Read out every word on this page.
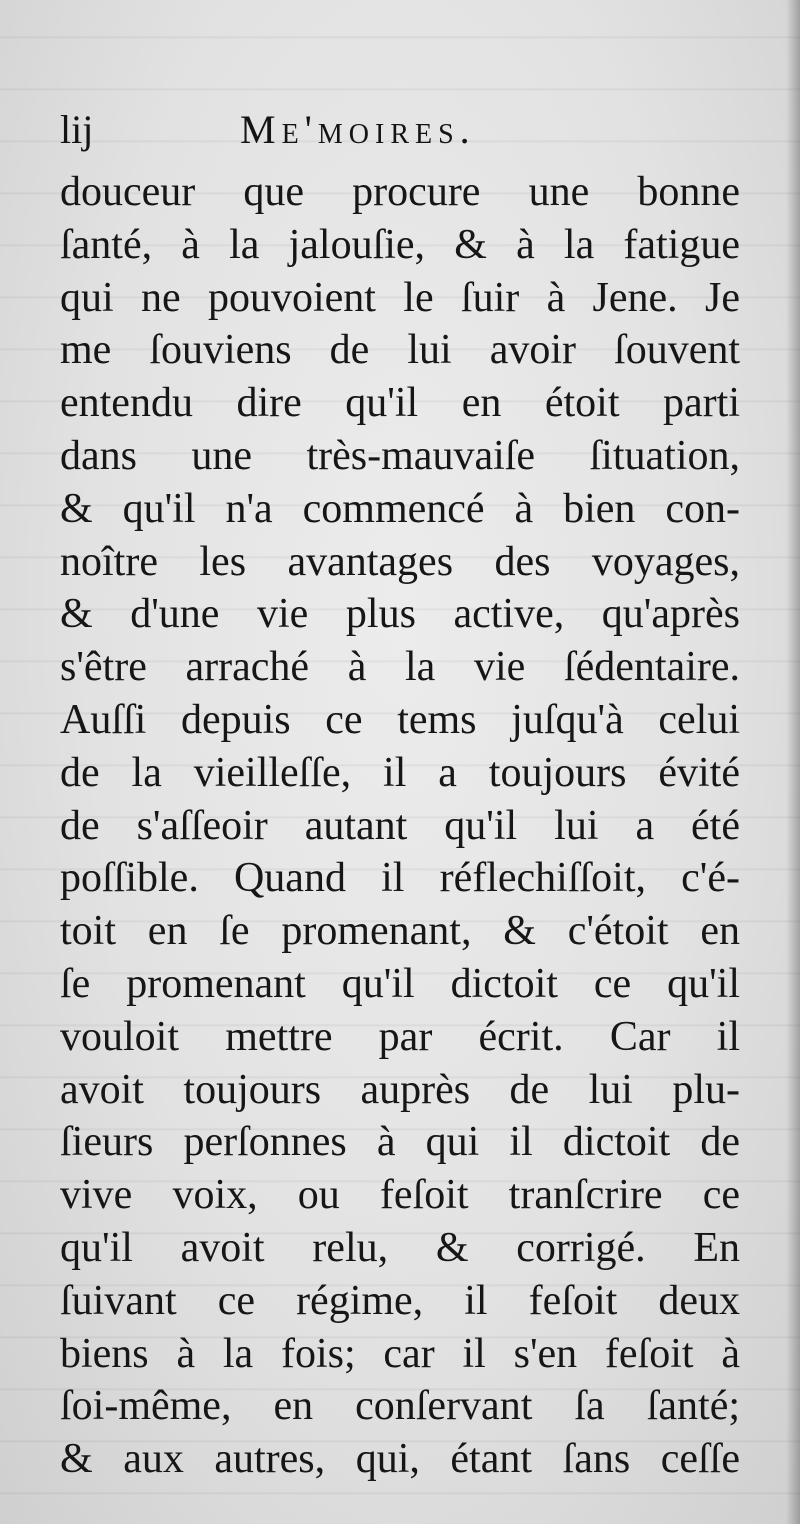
lij	Me'moires.
douceur que procure une bonne
ſanté, à la jalouſie, & à la fatigue
qui ne pouvoient le ſuir à Jene. Je
me ſouviens de lui avoir ſouvent
entendu dire qu'il en étoit parti
dans une très-mauvaiſe ſituation,
& qu'il n'a commencé à bien con-
noître les avantages des voyages,
& d'une vie plus active, qu'après
s'être arraché à la vie ſédentaire.
Auſſi depuis ce tems juſqu'à celui
de la vieilleſſe, il a toujours évité
de s'aſſeoir autant qu'il lui a été
poſſible. Quand il réflechiſſoit, c'é-
toit en ſe promenant, & c'étoit en
ſe promenant qu'il dictoit ce qu'il
vouloit mettre par écrit. Car il
avoit toujours auprès de lui plu-
ſieurs perſonnes à qui il dictoit de
vive voix, ou feſoit tranſcrire ce
qu'il avoit relu, & corrigé. En
ſuivant ce régime, il feſoit deux
biens à la fois; car il s'en feſoit à
ſoi-même, en conſervant ſa ſanté;
& aux autres, qui, étant ſans ceſſe
